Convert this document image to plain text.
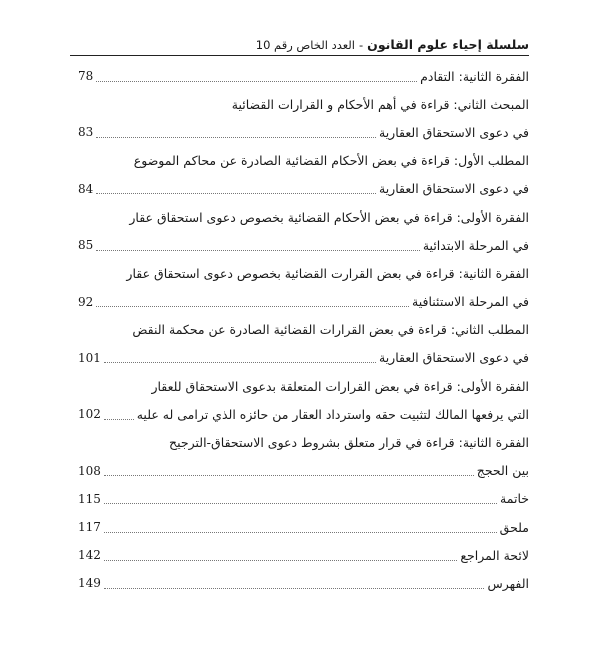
سلسلة إحياء علوم القانون
-
العدد الخاص رقم 10
الفقرة الثانية: التقادم
78
المبحث الثاني: قراءة في أهم الأحكام و القرارات القضائية
في دعوى الاستحقاق العقارية
83
المطلب الأول: قراءة في بعض الأحكام القضائية الصادرة عن محاكم الموضوع
في دعوى الاستحقاق العقارية
84
الفقرة الأولى: قراءة في بعض الأحكام القضائية بخصوص دعوى استحقاق عقار
في المرحلة الابتدائية
85
الفقرة الثانية: قراءة في بعض القرارت القضائية بخصوص دعوى استحقاق عقار
في المرحلة الاستئنافية
92
المطلب الثاني: قراءة في بعض القرارات القضائية الصادرة عن محكمة النقض
في دعوى الاستحقاق العقارية
101
الفقرة الأولى: قراءة في بعض القرارات المتعلقة بدعوى الاستحقاق للعقار
التي يرفعها المالك لتثبيت حقه واسترداد العقار من حائزه الذي ترامى له عليه
102
الفقرة الثانية: قراءة في قرار متعلق بشروط دعوى الاستحقاق-الترجيح
بين الحجج
108
خاتمة
115
ملحق
117
لائحة المراجع
142
الفهرس
149
